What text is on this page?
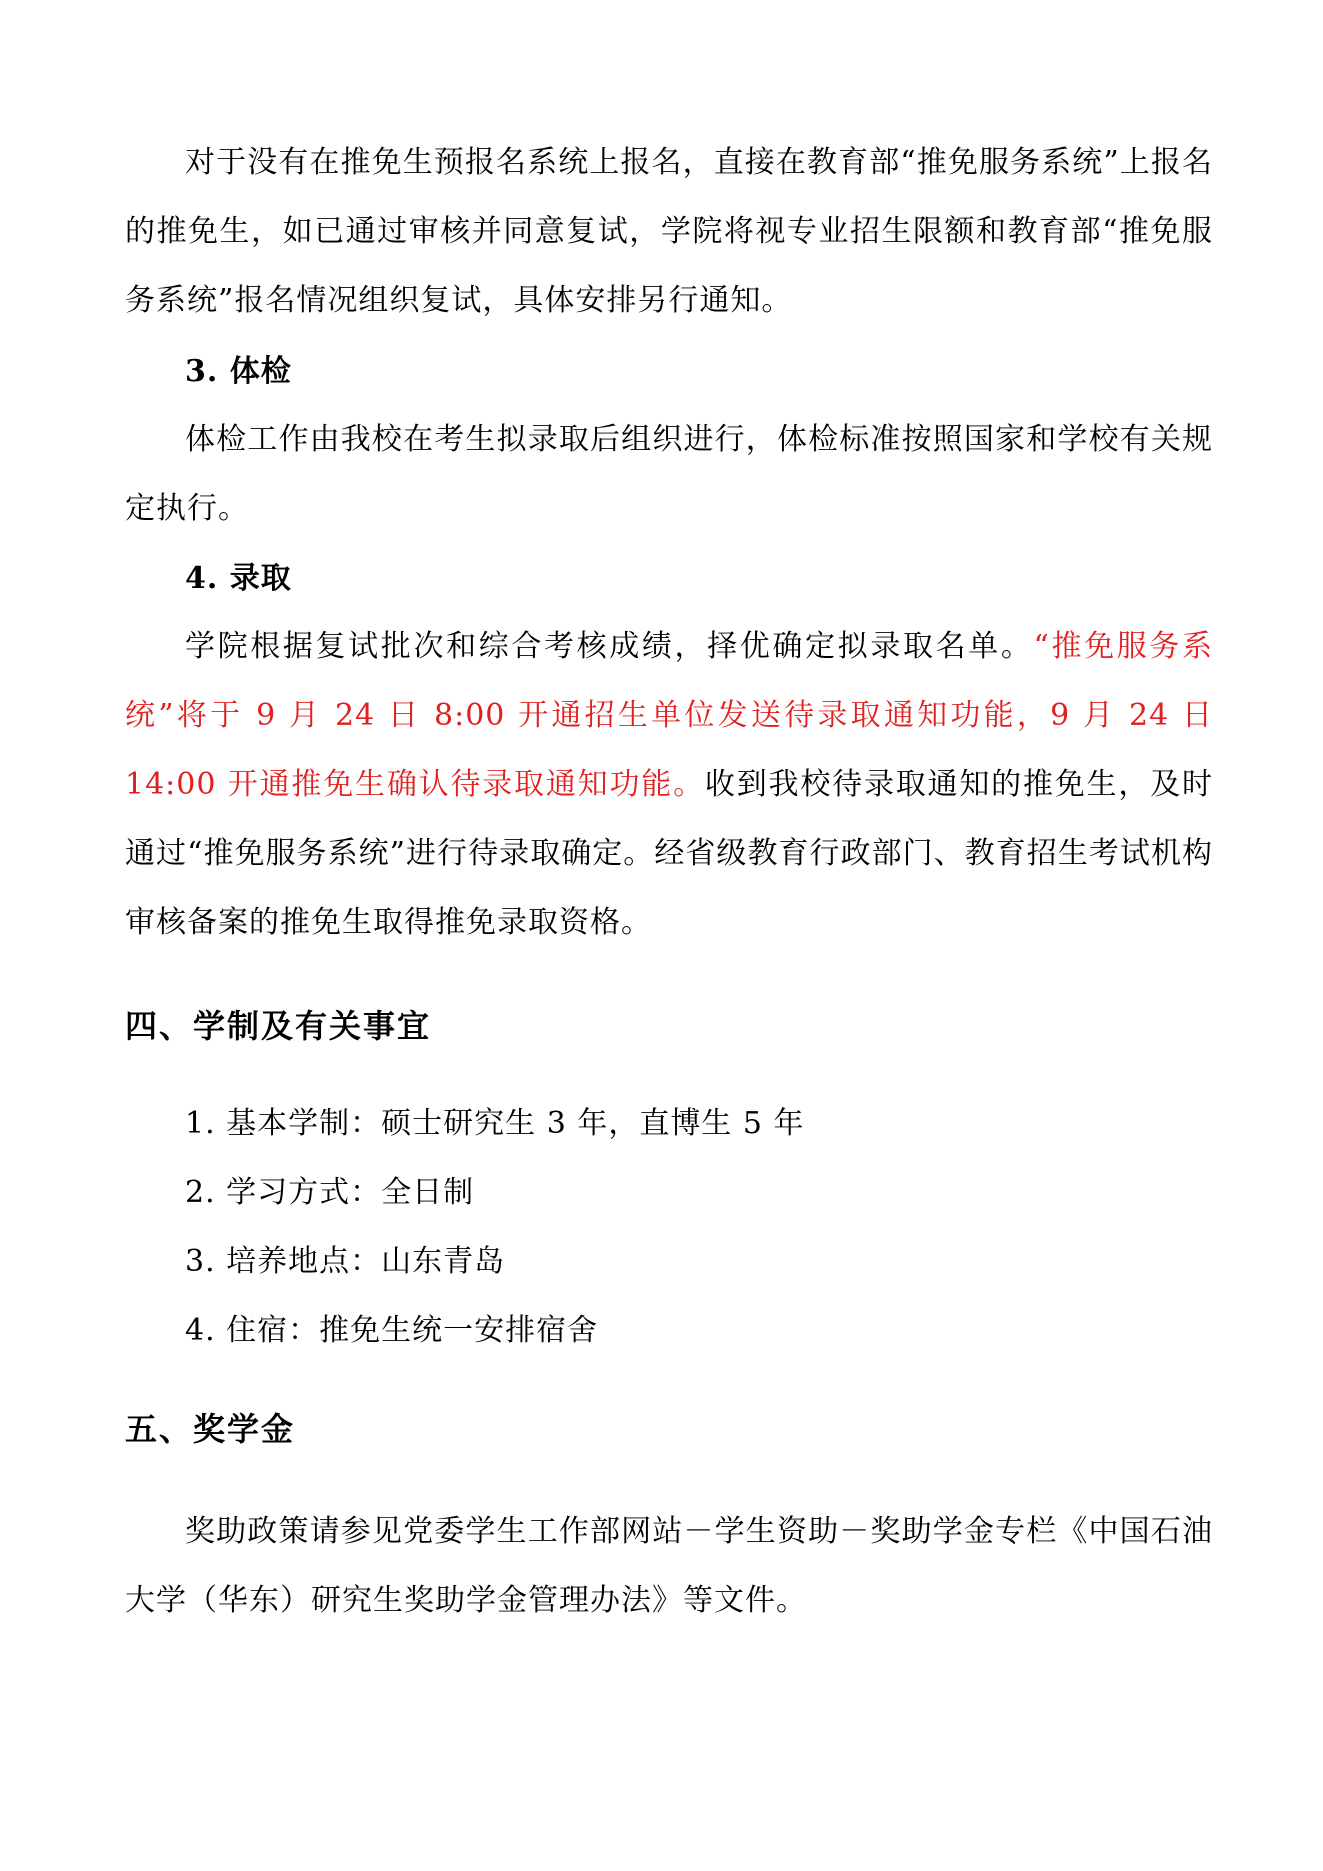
对于没有在推免生预报名系统上报名，直接在教育部“推免服务系统”上报名的推免生，如已通过审核并同意复试，学院将视专业招生限额和教育部“推免服务系统”报名情况组织复试，具体安排另行通知。

3. 体检

体检工作由我校在考生拟录取后组织进行，体检标准按照国家和学校有关规定执行。

4. 录取

学院根据复试批次和综合考核成绩，择优确定拟录取名单。“推免服务系统”将于 9 月 24 日 8:00 开通招生单位发送待录取通知功能，9 月 24 日 14:00 开通推免生确认待录取通知功能。收到我校待录取通知的推免生，及时通过“推免服务系统”进行待录取确定。经省级教育行政部门、教育招生考试机构审核备案的推免生取得推免录取资格。

四、学制及有关事宜
1. 基本学制：硕士研究生 3 年，直博生 5 年
2. 学习方式：全日制
3. 培养地点：山东青岛
4. 住宿：推免生统一安排宿舍
五、奖学金

奖助政策请参见党委学生工作部网站－学生资助－奖助学金专栏《中国石油大学（华东）研究生奖助学金管理办法》等文件。
